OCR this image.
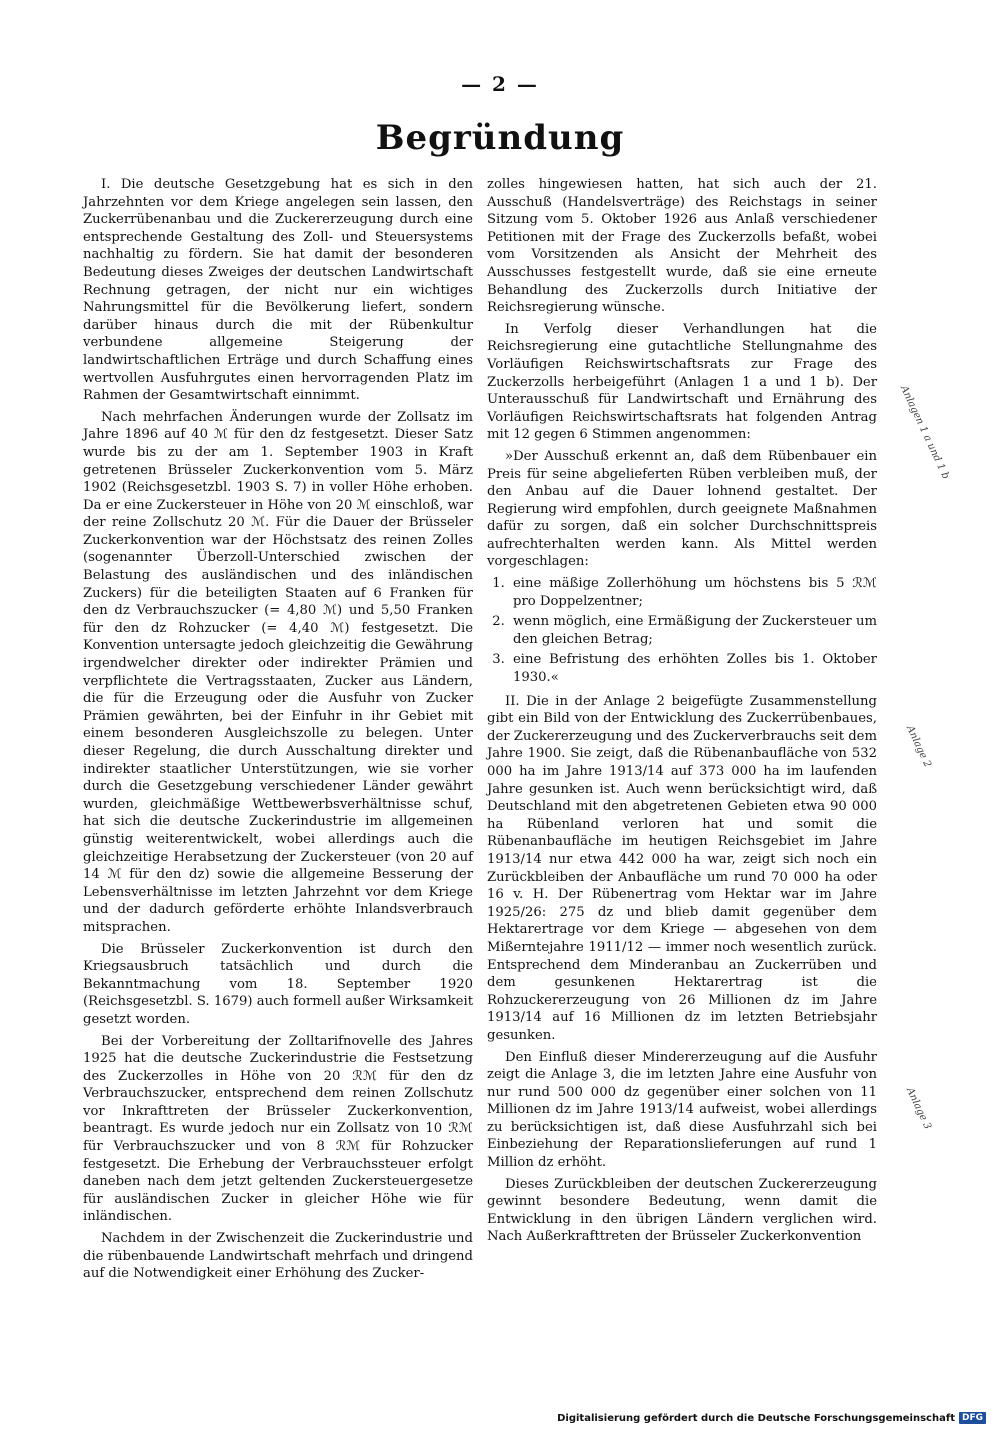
— 2 —
Begründung

I. Die deutsche Gesetzgebung hat es sich in den Jahrzehnten vor dem Kriege angelegen sein lassen, den Zuckerrübenanbau und die Zuckererzeugung durch eine entsprechende Gestaltung des Zoll- und Steuersystems nachhaltig zu fördern. Sie hat damit der besonderen Bedeutung dieses Zweiges der deutschen Landwirtschaft Rechnung getragen, der nicht nur ein wichtiges Nahrungsmittel für die Bevölkerung liefert, sondern darüber hinaus durch die mit der Rübenkultur verbundene allgemeine Steigerung der landwirtschaftlichen Erträge und durch Schaffung eines wertvollen Ausfuhrgutes einen hervorragenden Platz im Rahmen der Gesamtwirtschaft einnimmt.

Nach mehrfachen Änderungen wurde der Zollsatz im Jahre 1896 auf 40 ℳ für den dz festgesetzt. Dieser Satz wurde bis zu der am 1. September 1903 in Kraft getretenen Brüsseler Zuckerkonvention vom 5. März 1902 (Reichsgesetzbl. 1903 S. 7) in voller Höhe erhoben. Da er eine Zuckersteuer in Höhe von 20 ℳ einschloß, war der reine Zollschutz 20 ℳ. Für die Dauer der Brüsseler Zuckerkonvention war der Höchstsatz des reinen Zolles (sogenannter Überzoll-Unterschied zwischen der Belastung des ausländischen und des inländischen Zuckers) für die beteiligten Staaten auf 6 Franken für den dz Verbrauchszucker (= 4,80 ℳ) und 5,50 Franken für den dz Rohzucker (= 4,40 ℳ) festgesetzt. Die Konvention untersagte jedoch gleichzeitig die Gewährung irgendwelcher direkter oder indirekter Prämien und verpflichtete die Vertragsstaaten, Zucker aus Ländern, die für die Erzeugung oder die Ausfuhr von Zucker Prämien gewährten, bei der Einfuhr in ihr Gebiet mit einem besonderen Ausgleichszolle zu belegen. Unter dieser Regelung, die durch Ausschaltung direkter und indirekter staatlicher Unterstützungen, wie sie vorher durch die Gesetzgebung verschiedener Länder gewährt wurden, gleichmäßige Wettbewerbsverhältnisse schuf, hat sich die deutsche Zuckerindustrie im allgemeinen günstig weiterentwickelt, wobei allerdings auch die gleichzeitige Herabsetzung der Zuckersteuer (von 20 auf 14 ℳ für den dz) sowie die allgemeine Besserung der Lebensverhältnisse im letzten Jahrzehnt vor dem Kriege und der dadurch geförderte erhöhte Inlandsverbrauch mitsprachen.

Die Brüsseler Zuckerkonvention ist durch den Kriegsausbruch tatsächlich und durch die Bekanntmachung vom 18. September 1920 (Reichsgesetzbl. S. 1679) auch formell außer Wirksamkeit gesetzt worden.

Bei der Vorbereitung der Zolltarifnovelle des Jahres 1925 hat die deutsche Zuckerindustrie die Festsetzung des Zuckerzolles in Höhe von 20 ℛℳ für den dz Verbrauchszucker, entsprechend dem reinen Zollschutz vor Inkrafttreten der Brüsseler Zuckerkonvention, beantragt. Es wurde jedoch nur ein Zollsatz von 10 ℛℳ für Verbrauchszucker und von 8 ℛℳ für Rohzucker festgesetzt. Die Erhebung der Verbrauchssteuer erfolgt daneben nach dem jetzt geltenden Zuckersteuergesetze für ausländischen Zucker in gleicher Höhe wie für inländischen.

Nachdem in der Zwischenzeit die Zuckerindustrie und die rübenbauende Landwirtschaft mehrfach und dringend auf die Notwendigkeit einer Erhöhung des Zucker-

zolles hingewiesen hatten, hat sich auch der 21. Ausschuß (Handelsverträge) des Reichstags in seiner Sitzung vom 5. Oktober 1926 aus Anlaß verschiedener Petitionen mit der Frage des Zuckerzolls befaßt, wobei vom Vorsitzenden als Ansicht der Mehrheit des Ausschusses festgestellt wurde, daß sie eine erneute Behandlung des Zuckerzolls durch Initiative der Reichsregierung wünsche.

In Verfolg dieser Verhandlungen hat die Reichsregierung eine gutachtliche Stellungnahme des Vorläufigen Reichswirtschaftsrats zur Frage des Zuckerzolls herbeigeführt (Anlagen 1 a und 1 b). Der Unterausschuß für Landwirtschaft und Ernährung des Vorläufigen Reichswirtschaftsrats hat folgenden Antrag mit 12 gegen 6 Stimmen angenommen:

»Der Ausschuß erkennt an, daß dem Rübenbauer ein Preis für seine abgelieferten Rüben verbleiben muß, der den Anbau auf die Dauer lohnend gestaltet. Der Regierung wird empfohlen, durch geeignete Maßnahmen dafür zu sorgen, daß ein solcher Durchschnittspreis aufrechterhalten werden kann. Als Mittel werden vorgeschlagen:

1. eine mäßige Zollerhöhung um höchstens bis 5 ℛℳ pro Doppelzentner;
2. wenn möglich, eine Ermäßigung der Zuckersteuer um den gleichen Betrag;
3. eine Befristung des erhöhten Zolles bis 1. Oktober 1930.«

II. Die in der Anlage 2 beigefügte Zusammenstellung gibt ein Bild von der Entwicklung des Zuckerrübenbaues, der Zuckererzeugung und des Zuckerverbrauchs seit dem Jahre 1900. Sie zeigt, daß die Rübenanbaufläche von 532 000 ha im Jahre 1913/14 auf 373 000 ha im laufenden Jahre gesunken ist. Auch wenn berücksichtigt wird, daß Deutschland mit den abgetretenen Gebieten etwa 90 000 ha Rübenland verloren hat und somit die Rübenanbaufläche im heutigen Reichsgebiet im Jahre 1913/14 nur etwa 442 000 ha war, zeigt sich noch ein Zurückbleiben der Anbaufläche um rund 70 000 ha oder 16 v. H. Der Rübenertrag vom Hektar war im Jahre 1925/26: 275 dz und blieb damit gegenüber dem Hektarertrage vor dem Kriege — abgesehen von dem Mißerntejahre 1911/12 — immer noch wesentlich zurück. Entsprechend dem Minderanbau an Zuckerrüben und dem gesunkenen Hektarertrag ist die Rohzuckererzeugung von 26 Millionen dz im Jahre 1913/14 auf 16 Millionen dz im letzten Betriebsjahr gesunken.

Den Einfluß dieser Mindererzeugung auf die Ausfuhr zeigt die Anlage 3, die im letzten Jahre eine Ausfuhr von nur rund 500 000 dz gegenüber einer solchen von 11 Millionen dz im Jahre 1913/14 aufweist, wobei allerdings zu berücksichtigen ist, daß diese Ausfuhrzahl sich bei Einbeziehung der Reparationslieferungen auf rund 1 Million dz erhöht.

Dieses Zurückbleiben der deutschen Zuckererzeugung gewinnt besondere Bedeutung, wenn damit die Entwicklung in den übrigen Ländern verglichen wird. Nach Außerkrafttreten der Brüsseler Zuckerkonvention

Anlagen 1 a und 1 b
Anlage 2
Anlage 3
Digitalisierung gefördert durch die Deutsche Forschungsgemeinschaft DFG
